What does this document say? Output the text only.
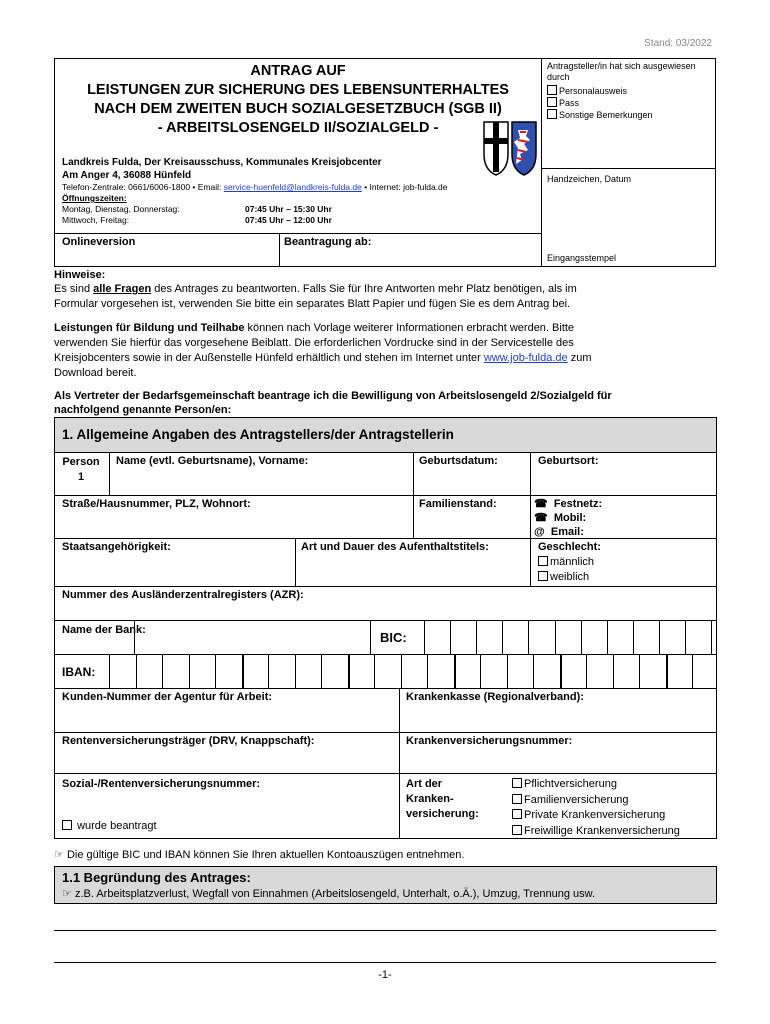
Stand: 03/2022
ANTRAG AUF
LEISTUNGEN ZUR SICHERUNG DES LEBENSUNTERHALTES
NACH DEM ZWEITEN BUCH SOZIALGESETZBUCH (SGB II)
- ARBEITSLOSENGELD II/SOZIALGELD -
Landkreis Fulda, Der Kreisausschuss, Kommunales Kreisjobcenter
Am Anger 4, 36088 Hünfeld
Telefon-Zentrale: 0661/6006-1800 • Email: service-huenfeld@landkreis-fulda.de • Internet: job-fulda.de
Öffnungszeiten:
Montag, Dienstag, Donnerstag:	07:45 Uhr – 15:30 Uhr
Mittwoch, Freitag:	07:45 Uhr – 12:00 Uhr
Onlineversion	Beantragung ab:
Antragsteller/in hat sich ausgewiesen durch
Personalausweis
Pass
Sonstige Bemerkungen
Handzeichen, Datum
Eingangsstempel
Hinweise:
Es sind alle Fragen des Antrages zu beantworten. Falls Sie für Ihre Antworten mehr Platz benötigen, als im
Formular vorgesehen ist, verwenden Sie bitte ein separates Blatt Papier und fügen Sie es dem Antrag bei.
Leistungen für Bildung und Teilhabe können nach Vorlage weiterer Informationen erbracht werden. Bitte
verwenden Sie hierfür das vorgesehene Beiblatt. Die erforderlichen Vordrucke sind in der Servicestelle des
Kreisjobcenters sowie in der Außenstelle Hünfeld erhältlich und stehen im Internet unter www.job-fulda.de zum
Download bereit.
Als Vertreter der Bedarfsgemeinschaft beantrage ich die Bewilligung von Arbeitslosengeld 2/Sozialgeld für
nachfolgend genannte Person/en:
1. Allgemeine Angaben des Antragstellers/der Antragstellerin
Person
1
Name (evtl. Geburtsname), Vorname:	Geburtsdatum:	Geburtsort:
Straße/Hausnummer, PLZ, Wohnort:	Familienstand:	☎ Festnetz:
☎ Mobil:
@ Email:
Staatsangehörigkeit:	Art und Dauer des Aufenthaltstitels:	Geschlecht:
männlich
weiblich
Nummer des Ausländerzentralregisters (AZR):
Name der Bank:	BIC:
IBAN:
Kunden-Nummer der Agentur für Arbeit:	Krankenkasse (Regionalverband):
Rentenversicherungsträger (DRV, Knappschaft):	Krankenversicherungsnummer:
Sozial-/Rentenversicherungsnummer:
wurde beantragt
Art der
Kranken-
versicherung:
Pflichtversicherung
Familienversicherung
Private Krankenversicherung
Freiwillige Krankenversicherung
☞ Die gültige BIC und IBAN können Sie Ihren aktuellen Kontoauszügen entnehmen.
1.1 Begründung des Antrages:
☞ z.B. Arbeitsplatzverlust, Wegfall von Einnahmen (Arbeitslosengeld, Unterhalt, o.Ä.), Umzug, Trennung usw.
-1-
